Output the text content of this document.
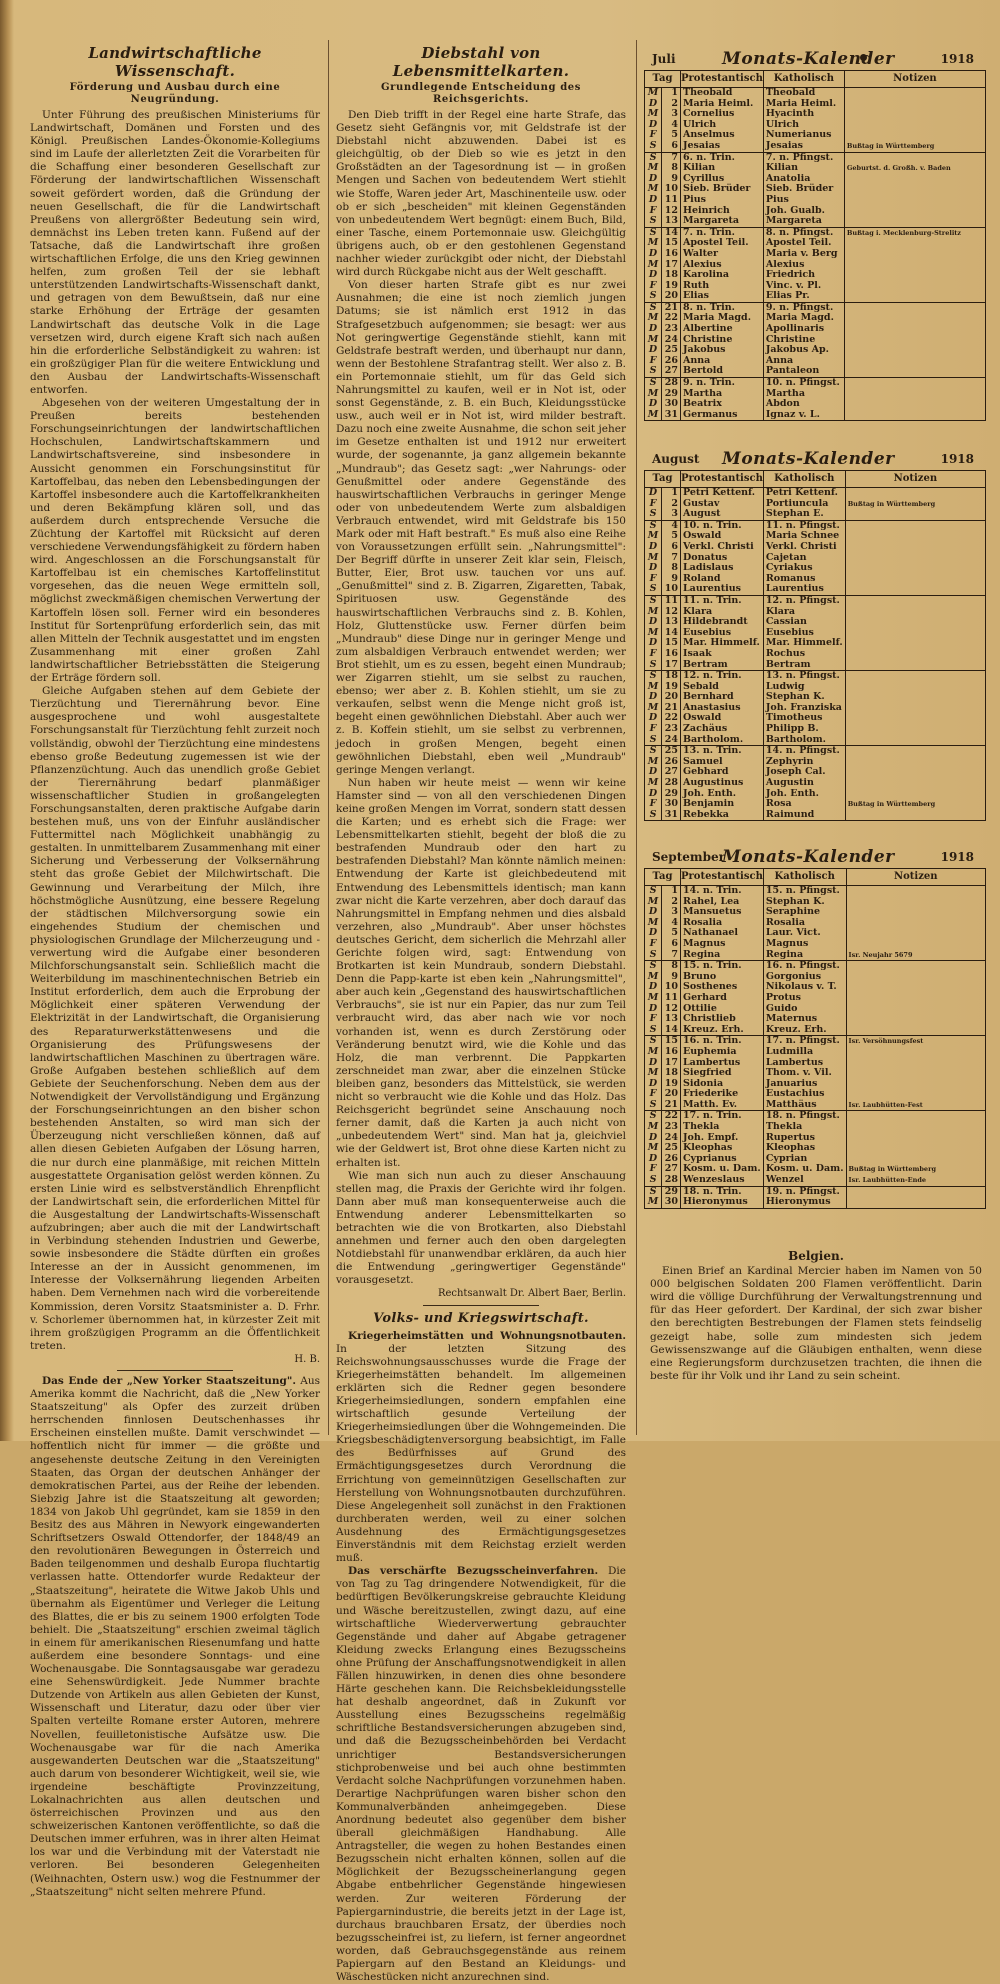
Landwirtschaftliche Wissenschaft.
Förderung und Ausbau durch eine Neugründung.

Unter Führung des preußischen Ministeriums für Landwirtschaft, Domänen und Forsten und des Königl. Preußischen Landes-Ökonomie-Kollegiums sind im Laufe der allerletzten Zeit die Vorarbeiten für die Schaffung einer besonderen Gesellschaft zur Förderung der landwirtschaftlichen Wissenschaft soweit gefördert worden, daß die Gründung der neuen Gesellschaft, die für die Landwirtschaft Preußens von allergrößter Bedeutung sein wird, demnächst ins Leben treten kann. Fußend auf der Tatsache, daß die Landwirtschaft ihre großen wirtschaftlichen Erfolge, die uns den Krieg gewinnen helfen, zum großen Teil der sie lebhaft unterstützenden Landwirtschafts-Wissenschaft dankt, und getragen von dem Bewußtsein, daß nur eine starke Erhöhung der Erträge der gesamten Landwirtschaft das deutsche Volk in die Lage versetzen wird, durch eigene Kraft sich nach außen hin die erforderliche Selbständigkeit zu wahren: ist ein großzügiger Plan für die weitere Entwicklung und den Ausbau der Landwirtschafts-Wissenschaft entworfen.

Abgesehen von der weiteren Umgestaltung der in Preußen bereits bestehenden Forschungseinrichtungen der landwirtschaftlichen Hochschulen, Landwirtschaftskammern und Landwirtschaftsvereine, sind insbesondere in Aussicht genommen ein Forschungsinstitut für Kartoffelbau, das neben den Lebensbedingungen der Kartoffel insbesondere auch die Kartoffelkrankheiten und deren Bekämpfung klären soll, und das außerdem durch entsprechende Versuche die Züchtung der Kartoffel mit Rücksicht auf deren verschiedene Verwendungsfähigkeit zu fördern haben wird. Angeschlossen an die Forschungsanstalt für Kartoffelbau ist ein chemisches Kartoffelinstitut vorgesehen, das die neuen Wege ermitteln soll, möglichst zweckmäßigen chemischen Verwertung der Kartoffeln lösen soll. Ferner wird ein besonderes Institut für Sortenprüfung erforderlich sein, das mit allen Mitteln der Technik ausgestattet und im engsten Zusammenhang mit einer großen Zahl landwirtschaftlicher Betriebsstätten die Steigerung der Erträge fördern soll.

Gleiche Aufgaben stehen auf dem Gebiete der Tierzüchtung und Tierernährung bevor. Eine ausgesprochene und wohl ausgestaltete Forschungsanstalt für Tierzüchtung fehlt zurzeit noch vollständig, obwohl der Tierzüchtung eine mindestens ebenso große Bedeutung zugemessen ist wie der Pflanzenzüchtung. Auch das unendlich große Gebiet der Tierernährung bedarf planmäßiger wissenschaftlicher Studien in großangelegten Forschungsanstalten, deren praktische Aufgabe darin bestehen muß, uns von der Einfuhr ausländischer Futtermittel nach Möglichkeit unabhängig zu gestalten. In unmittelbarem Zusammenhang mit einer Sicherung und Verbesserung der Volksernährung steht das große Gebiet der Milchwirtschaft. Die Gewinnung und Verarbeitung der Milch, ihre höchstmögliche Ausnützung, eine bessere Regelung der städtischen Milchversorgung sowie ein eingehendes Studium der chemischen und physiologischen Grundlage der Milcherzeugung und -verwertung wird die Aufgabe einer besonderen Milchforschungsanstalt sein. Schließlich macht die Weiterbildung im maschinentechnischen Betrieb ein Institut erforderlich, dem auch die Erprobung der Möglichkeit einer späteren Verwendung der Elektrizität in der Landwirtschaft, die Organisierung des Reparaturwerkstättenwesens und die Organisierung des Prüfungswesens der landwirtschaftlichen Maschinen zu übertragen wäre. Große Aufgaben bestehen schließlich auf dem Gebiete der Seuchenforschung. Neben dem aus der Notwendigkeit der Vervollständigung und Ergänzung der Forschungseinrichtungen an den bisher schon bestehenden Anstalten, so wird man sich der Überzeugung nicht verschließen können, daß auf allen diesen Gebieten Aufgaben der Lösung harren, die nur durch eine planmäßige, mit reichen Mitteln ausgestattete Organisation gelöst werden können. Zu ersten Linie wird es selbstverständlich Ehrenpflicht der Landwirtschaft sein, die erforderlichen Mittel für die Ausgestaltung der Landwirtschafts-Wissenschaft aufzubringen; aber auch die mit der Landwirtschaft in Verbindung stehenden Industrien und Gewerbe, sowie insbesondere die Städte dürften ein großes Interesse an der in Aussicht genommenen, im Interesse der Volksernährung liegenden Arbeiten haben. Dem Vernehmen nach wird die vorbereitende Kommission, deren Vorsitz Staatsminister a. D. Frhr. v. Schorlemer übernommen hat, in kürzester Zeit mit ihrem großzügigen Programm an die Öffentlichkeit treten.

H. B.

Das Ende der „New Yorker Staatszeitung". Aus Amerika kommt die Nachricht, daß die „New Yorker Staatszeitung" als Opfer des zurzeit drüben herrschenden finnlosen Deutschenhasses ihr Erscheinen einstellen mußte. Damit verschwindet — hoffentlich nicht für immer — die größte und angesehenste deutsche Zeitung in den Vereinigten Staaten, das Organ der deutschen Anhänger der demokratischen Partei, aus der Reihe der lebenden. Siebzig Jahre ist die Staatszeitung alt geworden; 1834 von Jakob Uhl gegründet, kam sie 1859 in den Besitz des aus Mähren in Newyork eingewanderten Schriftsetzers Oswald Ottendorfer, der 1848/49 an den revolutionären Bewegungen in Österreich und Baden teilgenommen und deshalb Europa fluchtartig verlassen hatte. Ottendorfer wurde Redakteur der „Staatszeitung", heiratete die Witwe Jakob Uhls und übernahm als Eigentümer und Verleger die Leitung des Blattes, die er bis zu seinem 1900 erfolgten Tode behielt. Die „Staatszeitung" erschien zweimal täglich in einem für amerikanischen Riesenumfang und hatte außerdem eine besondere Sonntags- und eine Wochenausgabe. Die Sonntagsausgabe war geradezu eine Sehenswürdigkeit. Jede Nummer brachte Dutzende von Artikeln aus allen Gebieten der Kunst, Wissenschaft und Literatur, dazu oder über vier Spalten verteilte Romane erster Autoren, mehrere Novellen, feuilletonistische Aufsätze usw. Die Wochenausgabe war für die nach Amerika ausgewanderten Deutschen war die „Staatszeitung" auch darum von besonderer Wichtigkeit, weil sie, wie irgendeine beschäftigte Provinzzeitung, Lokalnachrichten aus allen deutschen und österreichischen Provinzen und aus den schweizerischen Kantonen veröffentlichte, so daß die Deutschen immer erfuhren, was in ihrer alten Heimat los war und die Verbindung mit der Vaterstadt nie verloren. Bei besonderen Gelegenheiten (Weihnachten, Ostern usw.) wog die Festnummer der „Staatszeitung" nicht selten mehrere Pfund.

Diebstahl von Lebensmittelkarten.
Grundlegende Entscheidung des Reichsgerichts.

Den Dieb trifft in der Regel eine harte Strafe, das Gesetz sieht Gefängnis vor, mit Geldstrafe ist der Diebstahl nicht abzuwenden. Dabei ist es gleichgültig, ob der Dieb so wie es jetzt in den Großstädten an der Tagesordnung ist — in großen Mengen und Sachen von bedeutendem Wert stiehlt wie Stoffe, Waren jeder Art, Maschinenteile usw. oder ob er sich „bescheiden" mit kleinen Gegenständen von unbedeutendem Wert begnügt: einem Buch, Bild, einer Tasche, einem Portemonnaie usw. Gleichgültig übrigens auch, ob er den gestohlenen Gegenstand nachher wieder zurückgibt oder nicht, der Diebstahl wird durch Rückgabe nicht aus der Welt geschafft.

Von dieser harten Strafe gibt es nur zwei Ausnahmen; die eine ist noch ziemlich jungen Datums; sie ist nämlich erst 1912 in das Strafgesetzbuch aufgenommen; sie besagt: wer aus Not geringwertige Gegenstände stiehlt, kann mit Geldstrafe bestraft werden, und überhaupt nur dann, wenn der Bestohlene Strafantrag stellt. Wer also z. B. ein Portemonnaie stiehlt, um für das Geld sich Nahrungsmittel zu kaufen, weil er in Not ist, oder sonst Gegenstände, z. B. ein Buch, Kleidungsstücke usw., auch weil er in Not ist, wird milder bestraft. Dazu noch eine zweite Ausnahme, die schon seit jeher im Gesetze enthalten ist und 1912 nur erweitert wurde, der sogenannte, ja ganz allgemein bekannte „Mundraub"; das Gesetz sagt: „wer Nahrungs- oder Genußmittel oder andere Gegenstände des hauswirtschaftlichen Verbrauchs in geringer Menge oder von unbedeutendem Werte zum alsbaldigen Verbrauch entwendet, wird mit Geldstrafe bis 150 Mark oder mit Haft bestraft." Es muß also eine Reihe von Voraussetzungen erfüllt sein. „Nahrungsmittel": Der Begriff dürfte in unserer Zeit klar sein, Fleisch, Butter, Eier, Brot usw. tauchen vor uns auf. „Genußmittel" sind z. B. Zigarren, Zigaretten, Tabak, Spirituosen usw. Gegenstände des hauswirtschaftlichen Verbrauchs sind z. B. Kohlen, Holz, Gluttenstücke usw. Ferner dürfen beim „Mundraub" diese Dinge nur in geringer Menge und zum alsbaldigen Verbrauch entwendet werden; wer Brot stiehlt, um es zu essen, begeht einen Mundraub; wer Zigarren stiehlt, um sie selbst zu rauchen, ebenso; wer aber z. B. Kohlen stiehlt, um sie zu verkaufen, selbst wenn die Menge nicht groß ist, begeht einen gewöhnlichen Diebstahl. Aber auch wer z. B. Koffein stiehlt, um sie selbst zu verbrennen, jedoch in großen Mengen, begeht einen gewöhnlichen Diebstahl, eben weil „Mundraub" geringe Mengen verlangt.

Nun haben wir heute meist — wenn wir keine Hamster sind — von all den verschiedenen Dingen keine großen Mengen im Vorrat, sondern statt dessen die Karten; und es erhebt sich die Frage: wer Lebensmittelkarten stiehlt, begeht der bloß die zu bestrafenden Mundraub oder den hart zu bestrafenden Diebstahl? Man könnte nämlich meinen: Entwendung der Karte ist gleichbedeutend mit Entwendung des Lebensmittels identisch; man kann zwar nicht die Karte verzehren, aber doch darauf das Nahrungsmittel in Empfang nehmen und dies alsbald verzehren, also „Mundraub". Aber unser höchstes deutsches Gericht, dem sicherlich die Mehrzahl aller Gerichte folgen wird, sagt: Entwendung von Brotkarten ist kein Mundraub, sondern Diebstahl. Denn die Papp-karte ist eben kein „Nahrungsmittel", aber auch kein „Gegenstand des hauswirtschaftlichen Verbrauchs", sie ist nur ein Papier, das nur zum Teil verbraucht wird, das aber nach wie vor noch vorhanden ist, wenn es durch Zerstörung oder Veränderung benutzt wird, wie die Kohle und das Holz, die man verbrennt. Die Pappkarten zerschneidet man zwar, aber die einzelnen Stücke bleiben ganz, besonders das Mittelstück, sie werden nicht so verbraucht wie die Kohle und das Holz. Das Reichsgericht begründet seine Anschauung noch ferner damit, daß die Karten ja auch nicht von „unbedeutendem Wert" sind. Man hat ja, gleichviel wie der Geldwert ist, Brot ohne diese Karten nicht zu erhalten ist.

Wie man sich nun auch zu dieser Anschauung stellen mag, die Praxis der Gerichte wird ihr folgen. Dann aber muß man konsequenterweise auch die Entwendung anderer Lebensmittelkarten so betrachten wie die von Brotkarten, also Diebstahl annehmen und ferner auch den oben dargelegten Notdiebstahl für unanwendbar erklären, da auch hier die Entwendung „geringwertiger Gegenstände" vorausgesetzt.

Rechtsanwalt Dr. Albert Baer, Berlin.
Volks- und Kriegswirtschaft.

Kriegerheimstätten und Wohnungsnotbauten. In der letzten Sitzung des Reichswohnungsausschusses wurde die Frage der Kriegerheimstätten behandelt. Im allgemeinen erklärten sich die Redner gegen besondere Kriegerheimsiedlungen, sondern empfahlen eine wirtschaftlich gesunde Verteilung der Kriegerheimsiedlungen über die Wohngemeinden. Die Kriegsbeschädigtenversorgung beabsichtigt, im Falle des Bedürfnisses auf Grund des Ermächtigungsgesetzes durch Verordnung die Errichtung von gemeinnützigen Gesellschaften zur Herstellung von Wohnungsnotbauten durchzuführen. Diese Angelegenheit soll zunächst in den Fraktionen durchberaten werden, weil zu einer solchen Ausdehnung des Ermächtigungsgesetzes Einverständnis mit dem Reichstag erzielt werden muß.

Das verschärfte Bezugsscheinverfahren. Die von Tag zu Tag dringendere Notwendigkeit, für die bedürftigen Bevölkerungskreise gebrauchte Kleidung und Wäsche bereitzustellen, zwingt dazu, auf eine wirtschaftliche Wiederverwertung gebrauchter Gegenstände und daher auf Abgabe getragener Kleidung zwecks Erlangung eines Bezugsscheins ohne Prüfung der Anschaffungsnotwendigkeit in allen Fällen hinzuwirken, in denen dies ohne besondere Härte geschehen kann. Die Reichsbekleidungsstelle hat deshalb angeordnet, daß in Zukunft vor Ausstellung eines Bezugsscheins regelmäßig schriftliche Bestandsversicherungen abzugeben sind, und daß die Bezugsscheinbehörden bei Verdacht unrichtiger Bestandsversicherungen stichprobenweise und bei auch ohne bestimmten Verdacht solche Nachprüfungen vorzunehmen haben. Derartige Nachprüfungen waren bisher schon den Kommunalverbänden anheimgegeben. Diese Anordnung bedeutet also gegenüber dem bisher überall gleichmäßigen Handhabung. Alle Antragsteller, die wegen zu hohen Bestandes einen Bezugsschein nicht erhalten können, sollen auf die Möglichkeit der Bezugsscheinerlangung gegen Abgabe entbehrlicher Gegenstände hingewiesen werden. Zur weiteren Förderung der Papiergarnindustrie, die bereits jetzt in der Lage ist, durchaus brauchbaren Ersatz, der überdies noch bezugsscheinfrei ist, zu liefern, ist ferner angeordnet worden, daß Gebrauchsgegenstände aus reinem Papiergarn auf den Bestand an Kleidungs- und Wäschestücken nicht anzurechnen sind.

Juli	Monats-Kalender	1918
Tag		Protestantisch	Katholisch	Notizen
M	1	Theobald	Theobald	
D	2	Maria Heiml.	Maria Heiml.	
M	3	Cornelius	Hyacinth	
D	4	Ulrich	Ulrich	
F	5	Anselmus	Numerianus	
S	6	Jesaias	Jesaias	Bußtag in Württemberg
S	7	6. n. Trin.	7. n. Pfingst.	
M	8	Kilian	Kilian	Geburtst. d. Großh. v. Baden
D	9	Cyrillus	Anatolia	
M	10	Sieb. Brüder	Sieb. Brüder	
D	11	Pius	Pius	
F	12	Heinrich	Joh. Gualb.	
S	13	Margareta	Margareta	
S	14	7. n. Trin.	8. n. Pfingst.	Bußtag i. Mecklenburg-Strelitz
M	15	Apostel Teil.	Apostel Teil.	
D	16	Walter	Maria v. Berg	
M	17	Alexius	Alexius	
D	18	Karolina	Friedrich	
F	19	Ruth	Vinc. v. Pl.	
S	20	Elias	Elias Pr.	
S	21	8. n. Trin.	9. n. Pfingst.	
M	22	Maria Magd.	Maria Magd.	
D	23	Albertine	Apollinaris	
M	24	Christine	Christine	
D	25	Jakobus	Jakobus Ap.	
F	26	Anna	Anna	
S	27	Bertold	Pantaleon	
S	28	9. n. Trin.	10. n. Pfingst.	
M	29	Martha	Martha	
D	30	Beatrix	Abdon	
M	31	Germanus	Ignaz v. L.	
August Monats-Kalender	1918
Tag		Protestantisch	Katholisch	Notizen
D	1	Petri Kettenf.	Petri Kettenf.	
F	2	Gustav	Portiuncula	Bußtag in Württemberg
S	3	August	Stephan E.	
S	4	10. n. Trin.	11. n. Pfingst.	
M	5	Oswald	Maria Schnee	
D	6	Verkl. Christi	Verkl. Christi	
M	7	Donatus	Cajetan	
D	8	Ladislaus	Cyriakus	
F	9	Roland	Romanus	
S	10	Laurentius	Laurentius	
S	11	11. n. Trin.	12. n. Pfingst.	
M	12	Klara	Klara	
D	13	Hildebrandt	Cassian	
M	14	Eusebius	Eusebius	
D	15	Mar. Himmelf.	Mar. Himmelf.	
F	16	Isaak	Rochus	
S	17	Bertram	Bertram	
S	18	12. n. Trin.	13. n. Pfingst.	
M	19	Sebald	Ludwig	
D	20	Bernhard	Stephan K.	
M	21	Anastasius	Joh. Franziska	
D	22	Oswald	Timotheus	
F	23	Zachäus	Philipp B.	
S	24	Bartholom.	Bartholom.	
S	25	13. n. Trin.	14. n. Pfingst.	
M	26	Samuel	Zephyrin	
D	27	Gebhard	Joseph Cal.	
M	28	Augustinus	Augustin	
D	29	Joh. Enth.	Joh. Enth.	
F	30	Benjamin	Rosa	Bußtag in Württemberg
S	31	Rebekka	Raimund	
September
Monats-Kalender	1918
Tag		Protestantisch	Katholisch	Notizen
S	1	14. n. Trin.	15. n. Pfingst.	
M	2	Rahel, Lea	Stephan K.	
D	3	Mansuetus	Seraphine	
M	4	Rosalia	Rosalia	
D	5	Nathanael	Laur. Vict.	
F	6	Magnus	Magnus	
S	7	Regina	Regina	Isr. Neujahr 5679
S	8	15. n. Trin.	16. n. Pfingst.	
M	9	Bruno	Gorgonius	
D	10	Sosthenes	Nikolaus v. T.	
M	11	Gerhard	Protus	
D	12	Ottilie	Guido	
F	13	Christlieb	Maternus	
S	14	Kreuz. Erh.	Kreuz. Erh.	
S	15	16. n. Trin.	17. n. Pfingst.	Isr. Versöhnungsfest
M	16	Euphemia	Ludmilla	
D	17	Lambertus	Lambertus	
M	18	Siegfried	Thom. v. Vil.	
D	19	Sidonia	Januarius	
F	20	Friederike	Eustachius	
S	21	Matth. Ev.	Matthäus	Isr. Laubhütten-Fest
S	22	17. n. Trin.	18. n. Pfingst.	
M	23	Thekla	Thekla	
D	24	Joh. Empf.	Rupertus	
M	25	Kleophas	Kleophas	
D	26	Cyprianus	Cyprian	
F	27	Kosm. u. Dam.	Kosm. u. Dam.	Bußtag in Württemberg
S	28	Wenzeslaus	Wenzel	Isr. Laubhütten-Ende
S	29	18. n. Trin.	19. n. Pfingst.	
M	30	Hieronymus	Hieronymus	
Belgien.
Einen Brief an Kardinal Mercier haben im Namen von 50 000 belgischen Soldaten 200 Flamen veröffentlicht. Darin wird die völlige Durchführung der Verwaltungstrennung und für das Heer gefordert. Der Kardinal, der sich zwar bisher den berechtigten Bestrebungen der Flamen stets feindselig gezeigt habe, solle zum mindesten sich jedem Gewissenszwange auf die Gläubigen enthalten, wenn diese eine Regierungsform durchzusetzen trachten, die ihnen die beste für ihr Volk und ihr Land zu sein scheint.
